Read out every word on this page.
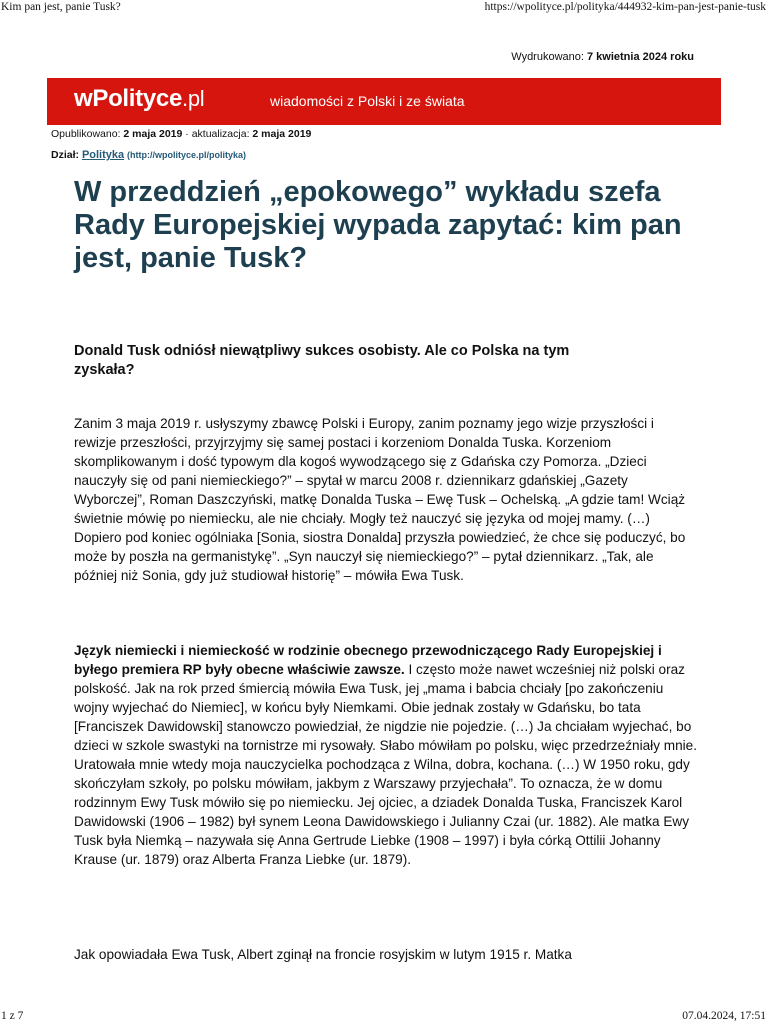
Kim pan jest, panie Tusk?	https://wpolityce.pl/polityka/444932-kim-pan-jest-panie-tusk
Wydrukowano: 7 kwietnia 2024 roku
wPolityce.pl	wiadomości z Polski i ze świata
Opublikowano: 2 maja 2019 · aktualizacja: 2 maja 2019
Dział: Polityka (http://wpolityce.pl/polityka)
W przeddzień „epokowego” wykładu szefa Rady Europejskiej wypada zapytać: kim pan jest, panie Tusk?

Donald Tusk odniósł niewątpliwy sukces osobisty. Ale co Polska na tym zyskała?

Zanim 3 maja 2019 r. usłyszymy zbawcę Polski i Europy, zanim poznamy jego wizje przyszłości i rewizje przeszłości, przyjrzyjmy się samej postaci i korzeniom Donalda Tuska. Korzeniom skomplikowanym i dość typowym dla kogoś wywodzącego się z Gdańska czy Pomorza. „Dzieci nauczyły się od pani niemieckiego?” – spytał w marcu 2008 r. dziennikarz gdańskiej „Gazety Wyborczej”, Roman Daszczyński, matkę Donalda Tuska – Ewę Tusk – Ochelską. „A gdzie tam! Wciąż świetnie mówię po niemiecku, ale nie chciały. Mogły też nauczyć się języka od mojej mamy. (…) Dopiero pod koniec ogólniaka [Sonia, siostra Donalda] przyszła powiedzieć, że chce się poduczyć, bo może by poszła na germanistykę”. „Syn nauczył się niemieckiego?” – pytał dziennikarz. „Tak, ale później niż Sonia, gdy już studiował historię” – mówiła Ewa Tusk.

Język niemiecki i niemieckość w rodzinie obecnego przewodniczącego Rady Europejskiej i byłego premiera RP były obecne właściwie zawsze. I często może nawet wcześniej niż polski oraz polskość. Jak na rok przed śmiercią mówiła Ewa Tusk, jej „mama i babcia chciały [po zakończeniu wojny wyjechać do Niemiec], w końcu były Niemkami. Obie jednak zostały w Gdańsku, bo tata [Franciszek Dawidowski] stanowczo powiedział, że nigdzie nie pojedzie. (…) Ja chciałam wyjechać, bo dzieci w szkole swastyki na tornistrze mi rysowały. Słabo mówiłam po polsku, więc przedrzeźniały mnie. Uratowała mnie wtedy moja nauczycielka pochodząca z Wilna, dobra, kochana. (…) W 1950 roku, gdy skończyłam szkoły, po polsku mówiłam, jakbym z Warszawy przyjechała”. To oznacza, że w domu rodzinnym Ewy Tusk mówiło się po niemiecku. Jej ojciec, a dziadek Donalda Tuska, Franciszek Karol Dawidowski (1906 – 1982) był synem Leona Dawidowskiego i Julianny Czai (ur. 1882). Ale matka Ewy Tusk była Niemką – nazywała się Anna Gertrude Liebke (1908 – 1997) i była córką Ottilii Johanny Krause (ur. 1879) oraz Alberta Franza Liebke (ur. 1879).

Jak opowiadała Ewa Tusk, Albert zginął na froncie rosyjskim w lutym 1915 r. Matka

1 z 7	07.04.2024, 17:51
